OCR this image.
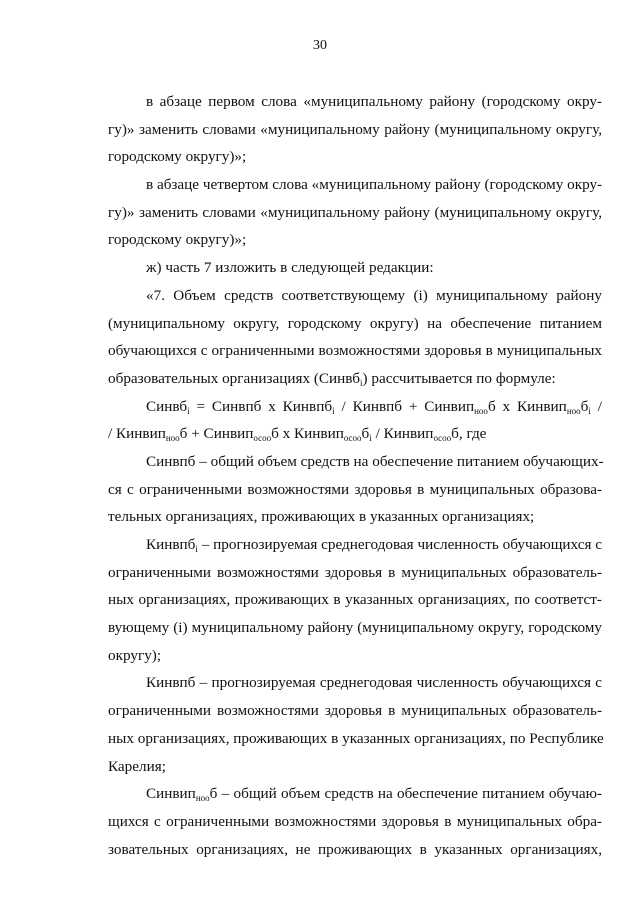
30
в абзаце первом слова «муниципальному району (городскому окру-
гу)» заменить словами «муниципальному району (муниципальному округу,
городскому округу)»;
в абзаце четвертом слова «муниципальному району (городскому окру-
гу)» заменить словами «муниципальному району (муниципальному округу,
городскому округу)»;
ж) часть 7 изложить в следующей редакции:
«7. Объем средств соответствующему (i) муниципальному району
(муниципальному округу, городскому округу) на обеспечение питанием
обучающихся с ограниченными возможностями здоровья в муниципальных
образовательных организациях (Синвб$_i$) рассчитывается по формуле:
Синвб$_i$ = Синвпб х Кинвпб$_i$ / Кинвпб + Синвип$_{ноо}$б х $Кинвип_{ноо}б_i$ /
/ Кинвип$_{ноо}$б + Синвип$_{осоо}$б х $Кинвип_{осоо}б_i$ / Кинвип$_{осоо}$б, где
Синвпб – общий объем средств на обеспечение питанием обучающих-
ся с ограниченными возможностями здоровья в муниципальных образова-
тельных организациях, проживающих в указанных организациях;
Кинвпб$_i$ – прогнозируемая среднегодовая численность обучающихся с
ограниченными возможностями здоровья в муниципальных образователь-
ных организациях, проживающих в указанных организациях, по соответст-
вующему (i) муниципальному району (муниципальному округу, городскому
округу);
Кинвпб – прогнозируемая среднегодовая численность обучающихся с
ограниченными возможностями здоровья в муниципальных образователь-
ных организациях, проживающих в указанных организациях, по Республике
Карелия;
Синвип$_{ноо}$б – общий объем средств на обеспечение питанием обучаю-
щихся с ограниченными возможностями здоровья в муниципальных обра-
зовательных организациях, не проживающих в указанных организациях,
